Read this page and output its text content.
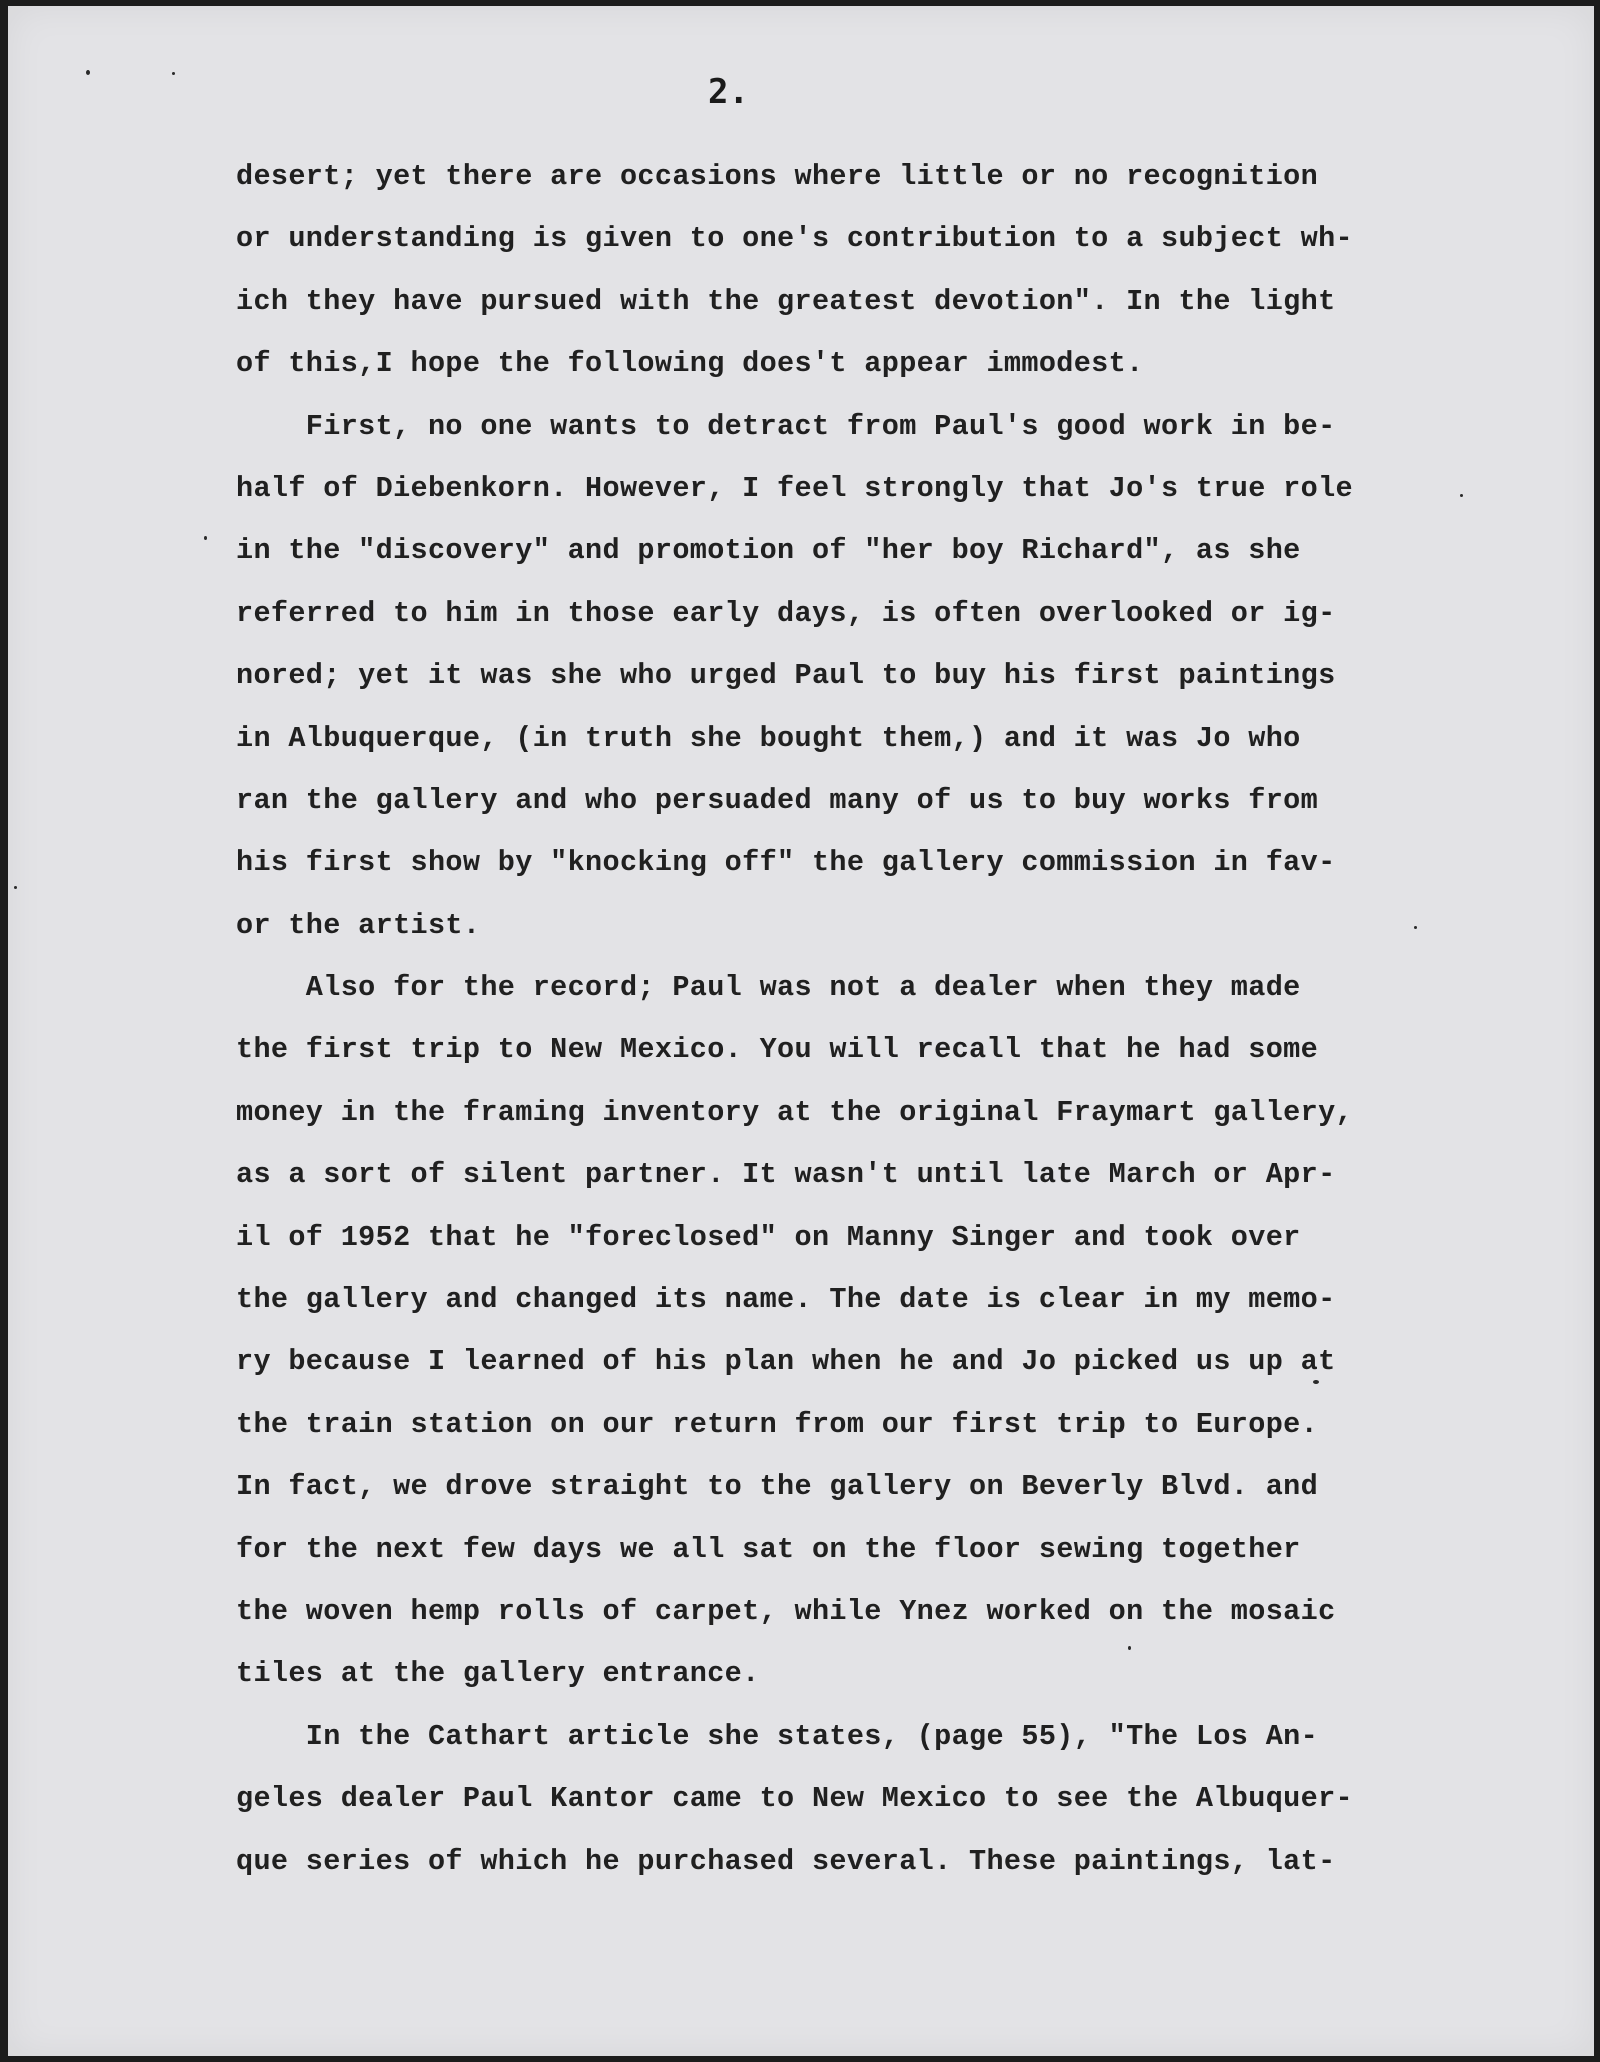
2.
desert; yet there are occasions where little or no recognition
or understanding is given to one's contribution to a subject wh-
ich they have pursued with the greatest devotion". In the light
of this,I hope the following does't appear immodest.
First, no one wants to detract from Paul's good work in be-
half of Diebenkorn. However, I feel strongly that Jo's true role
in the "discovery" and promotion of "her boy Richard", as she
referred to him in those early days, is often overlooked or ig-
nored; yet it was she who urged Paul to buy his first paintings
in Albuquerque, (in truth she bought them,) and it was Jo who
ran the gallery and who persuaded many of us to buy works from
his first show by "knocking off" the gallery commission in fav-
or the artist.
Also for the record; Paul was not a dealer when they made
the first trip to New Mexico. You will recall that he had some
money in the framing inventory at the original Fraymart gallery,
as a sort of silent partner. It wasn't until late March or Apr-
il of 1952 that he "foreclosed" on Manny Singer and took over
the gallery and changed its name. The date is clear in my memo-
ry because I learned of his plan when he and Jo picked us up at
the train station on our return from our first trip to Europe.
In fact, we drove straight to the gallery on Beverly Blvd. and
for the next few days we all sat on the floor sewing together
the woven hemp rolls of carpet, while Ynez worked on the mosaic
tiles at the gallery entrance.
In the Cathart article she states, (page 55), "The Los An-
geles dealer Paul Kantor came to New Mexico to see the Albuquer-
que series of which he purchased several. These paintings, lat-
